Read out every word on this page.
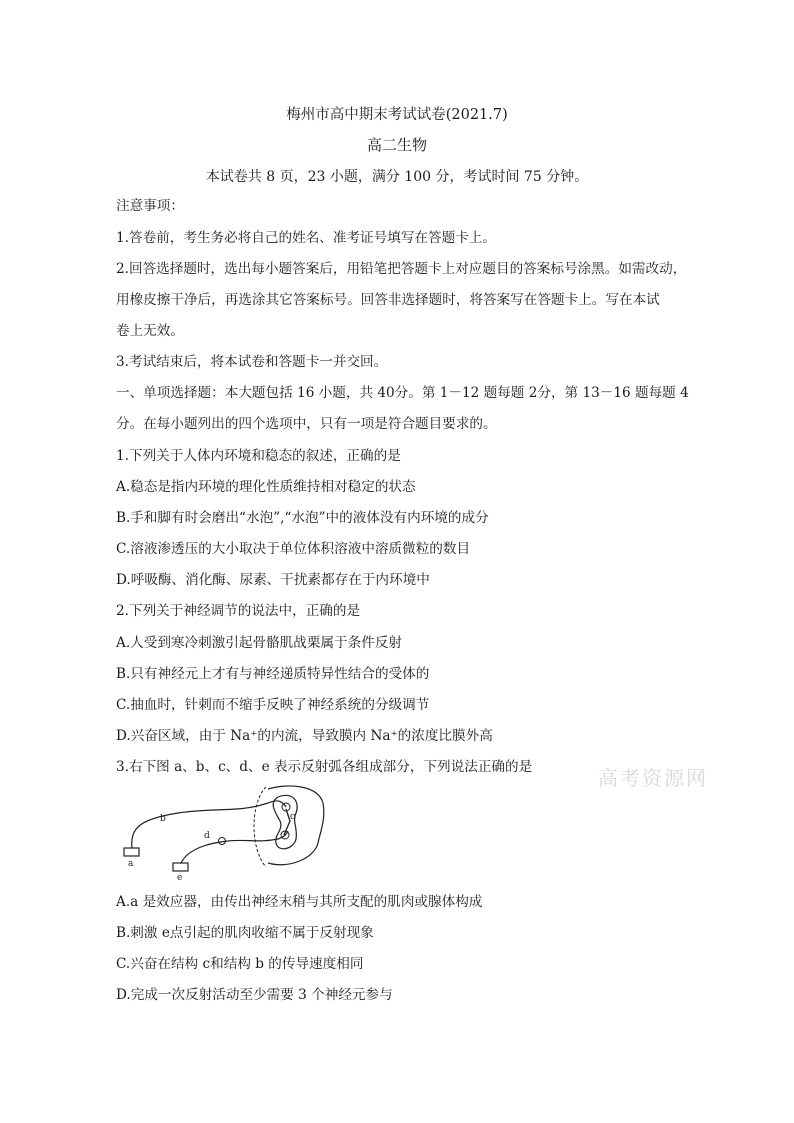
梅州市高中期末考试试卷(2021.7)
高二生物
本试卷共 8 页，23 小题，满分 100 分，考试时间 75 分钟。
注意事项：
1.答卷前，考生务必将自己的姓名、准考证号填写在答题卡上。
2.回答选择题时，选出每小题答案后，用铅笔把答题卡上对应题目的答案标号涂黑。如需改动，
用橡皮擦干净后，再选涂其它答案标号。回答非选择题时，将答案写在答题卡上。写在本试
卷上无效。
3.考试结束后，将本试卷和答题卡一并交回。
一、单项选择题：本大题包括 16 小题，共 40分。第 1－12 题每题 2分，第 13－16 题每题 4
分。在每小题列出的四个选项中，只有一项是符合题目要求的。
1.下列关于人体内环境和稳态的叙述，正确的是
A.稳态是指内环境的理化性质维持相对稳定的状态
B.手和脚有时会磨出“水泡”,“水泡”中的液体没有内环境的成分
C.溶液渗透压的大小取决于单位体积溶液中溶质微粒的数目
D.呼吸酶、消化酶、尿素、干扰素都存在于内环境中
2.下列关于神经调节的说法中，正确的是
A.人受到寒冷刺激引起骨骼肌战栗属于条件反射
B.只有神经元上才有与神经递质特异性结合的受体的
C.抽血时，针刺而不缩手反映了神经系统的分级调节
D.兴奋区域，由于 Na⁺的内流，导致膜内 Na⁺的浓度比膜外高
3.右下图 a、b、c、d、e 表示反射弧各组成部分，下列说法正确的是	高考资源网
a
b	c
d
e
A.a 是效应器，由传出神经末稍与其所支配的肌肉或腺体构成
B.刺激 e点引起的肌肉收缩不属于反射现象
C.兴奋在结构 c和结构 b 的传导速度相同
D.完成一次反射活动至少需要 3 个神经元参与
